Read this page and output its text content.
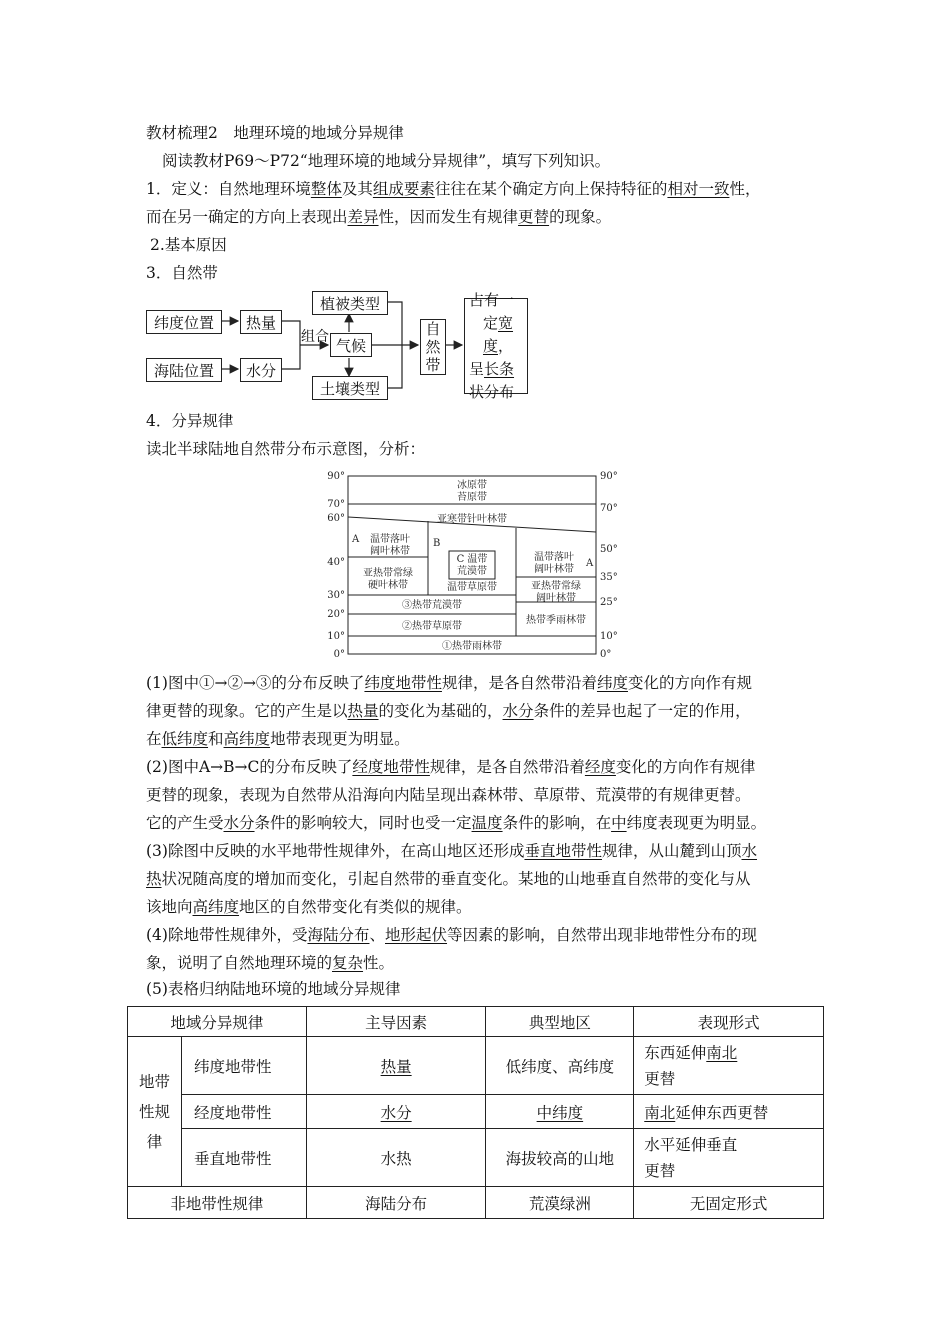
教材梳理2　地理环境的地域分异规律
阅读教材P69～P72“地理环境的地域分异规律”，填写下列知识。
1．定义：自然地理环境整体及其组成要素往往在某个确定方向上保持特征的相对一致性，
而在另一确定的方向上表现出差异性，因而发生有规律更替的现象。
2.基本原因
3．自然带
纬度位置	热量
海陆位置	水分
组合 气候
植被类型
土壤类型
自
然
带
占有一
定宽度，
呈长条
状分布
4．分异规律
读北半球陆地自然带分布示意图，分析：
90°
70°
60°
40°
30°
20°
10°
0°
90°
70°
50°
35°
25°
10°
0°
冰原带
苔原带
亚寒带针叶林带
A 温带落叶
阔叶林带
B
C 温带
荒漠带
温带草原带
温带落叶
阔叶林带
A
亚热带常绿
硬叶林带	亚热带常绿
阔叶林带
③热带荒漠带
②热带草原带
热带季雨林带
①热带雨林带
(1)图中①→②→③的分布反映了纬度地带性规律，是各自然带沿着纬度变化的方向作有规
律更替的现象。它的产生是以热量的变化为基础的，水分条件的差异也起了一定的作用，
在低纬度和高纬度地带表现更为明显。
(2)图中A→B→C的分布反映了经度地带性规律，是各自然带沿着经度变化的方向作有规律
更替的现象，表现为自然带从沿海向内陆呈现出森林带、草原带、荒漠带的有规律更替。
它的产生受水分条件的影响较大，同时也受一定温度条件的影响，在中纬度表现更为明显。
(3)除图中反映的水平地带性规律外，在高山地区还形成垂直地带性规律，从山麓到山顶水
热状况随高度的增加而变化，引起自然带的垂直变化。某地的山地垂直自然带的变化与从
该地向高纬度地区的自然带变化有类似的规律。
(4)除地带性规律外，受海陆分布、地形起伏等因素的影响，自然带出现非地带性分布的现
象，说明了自然地理环境的复杂性。
(5)表格归纳陆地环境的地域分异规律
地域分异规律		主导因素	典型地区	表现形式
地带
性规
律	纬度地带性	热量	低纬度、高纬度	东西延伸南北
更替
	经度地带性	水分	中纬度	南北延伸东西更替
	垂直地带性	水热	海拔较高的山地	水平延伸垂直
更替
非地带性规律		海陆分布	荒漠绿洲	无固定形式
